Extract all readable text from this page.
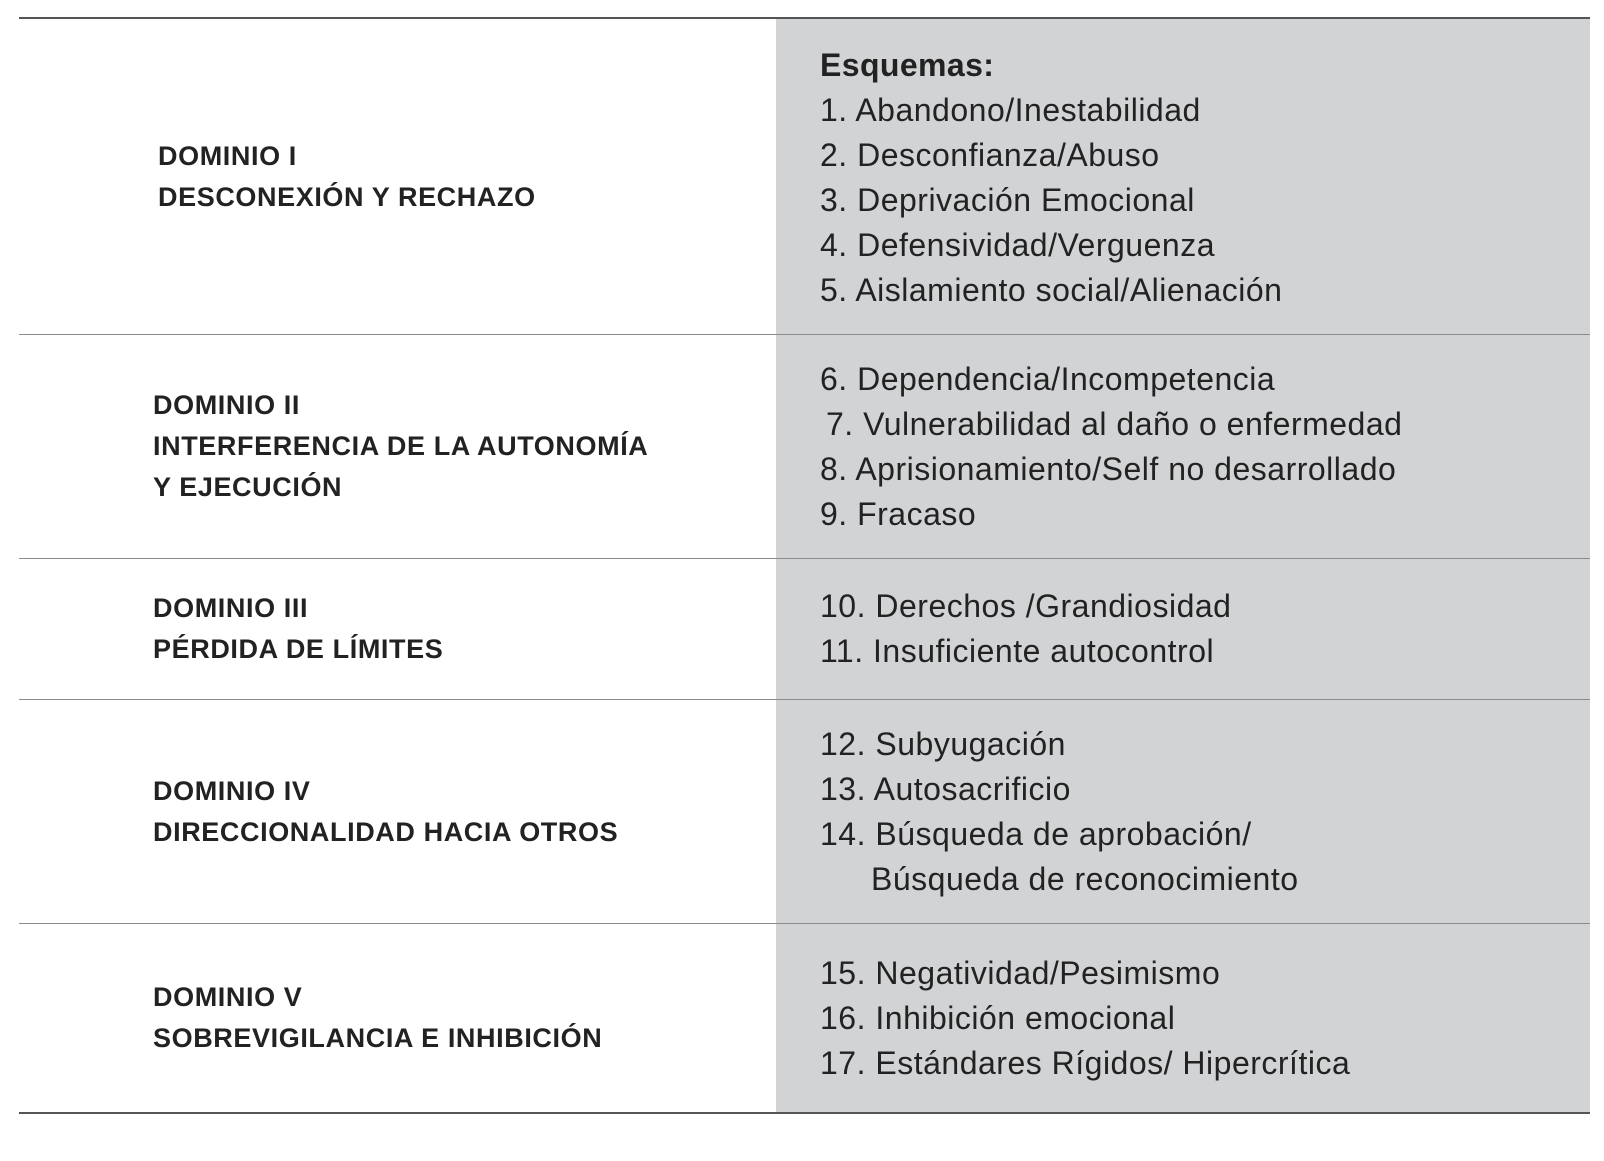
DOMINIO I
DESCONEXIÓN Y RECHAZO
Esquemas:
1. Abandono/Inestabilidad
2. Desconfianza/Abuso
3. Deprivación Emocional
4. Defensividad/Verguenza
5. Aislamiento social/Alienación
DOMINIO II
INTERFERENCIA DE LA AUTONOMÍA
Y EJECUCIÓN
6. Dependencia/Incompetencia
7. Vulnerabilidad al daño o enfermedad
8. Aprisionamiento/Self no desarrollado
9. Fracaso
DOMINIO III
PÉRDIDA DE LÍMITES
10. Derechos /Grandiosidad
11. Insuficiente autocontrol
DOMINIO IV
DIRECCIONALIDAD HACIA OTROS
12. Subyugación
13. Autosacrificio
14. Búsqueda de aprobación/
Búsqueda de reconocimiento
DOMINIO V
SOBREVIGILANCIA E INHIBICIÓN
15. Negatividad/Pesimismo
16. Inhibición emocional
17. Estándares Rígidos/ Hipercrítica
